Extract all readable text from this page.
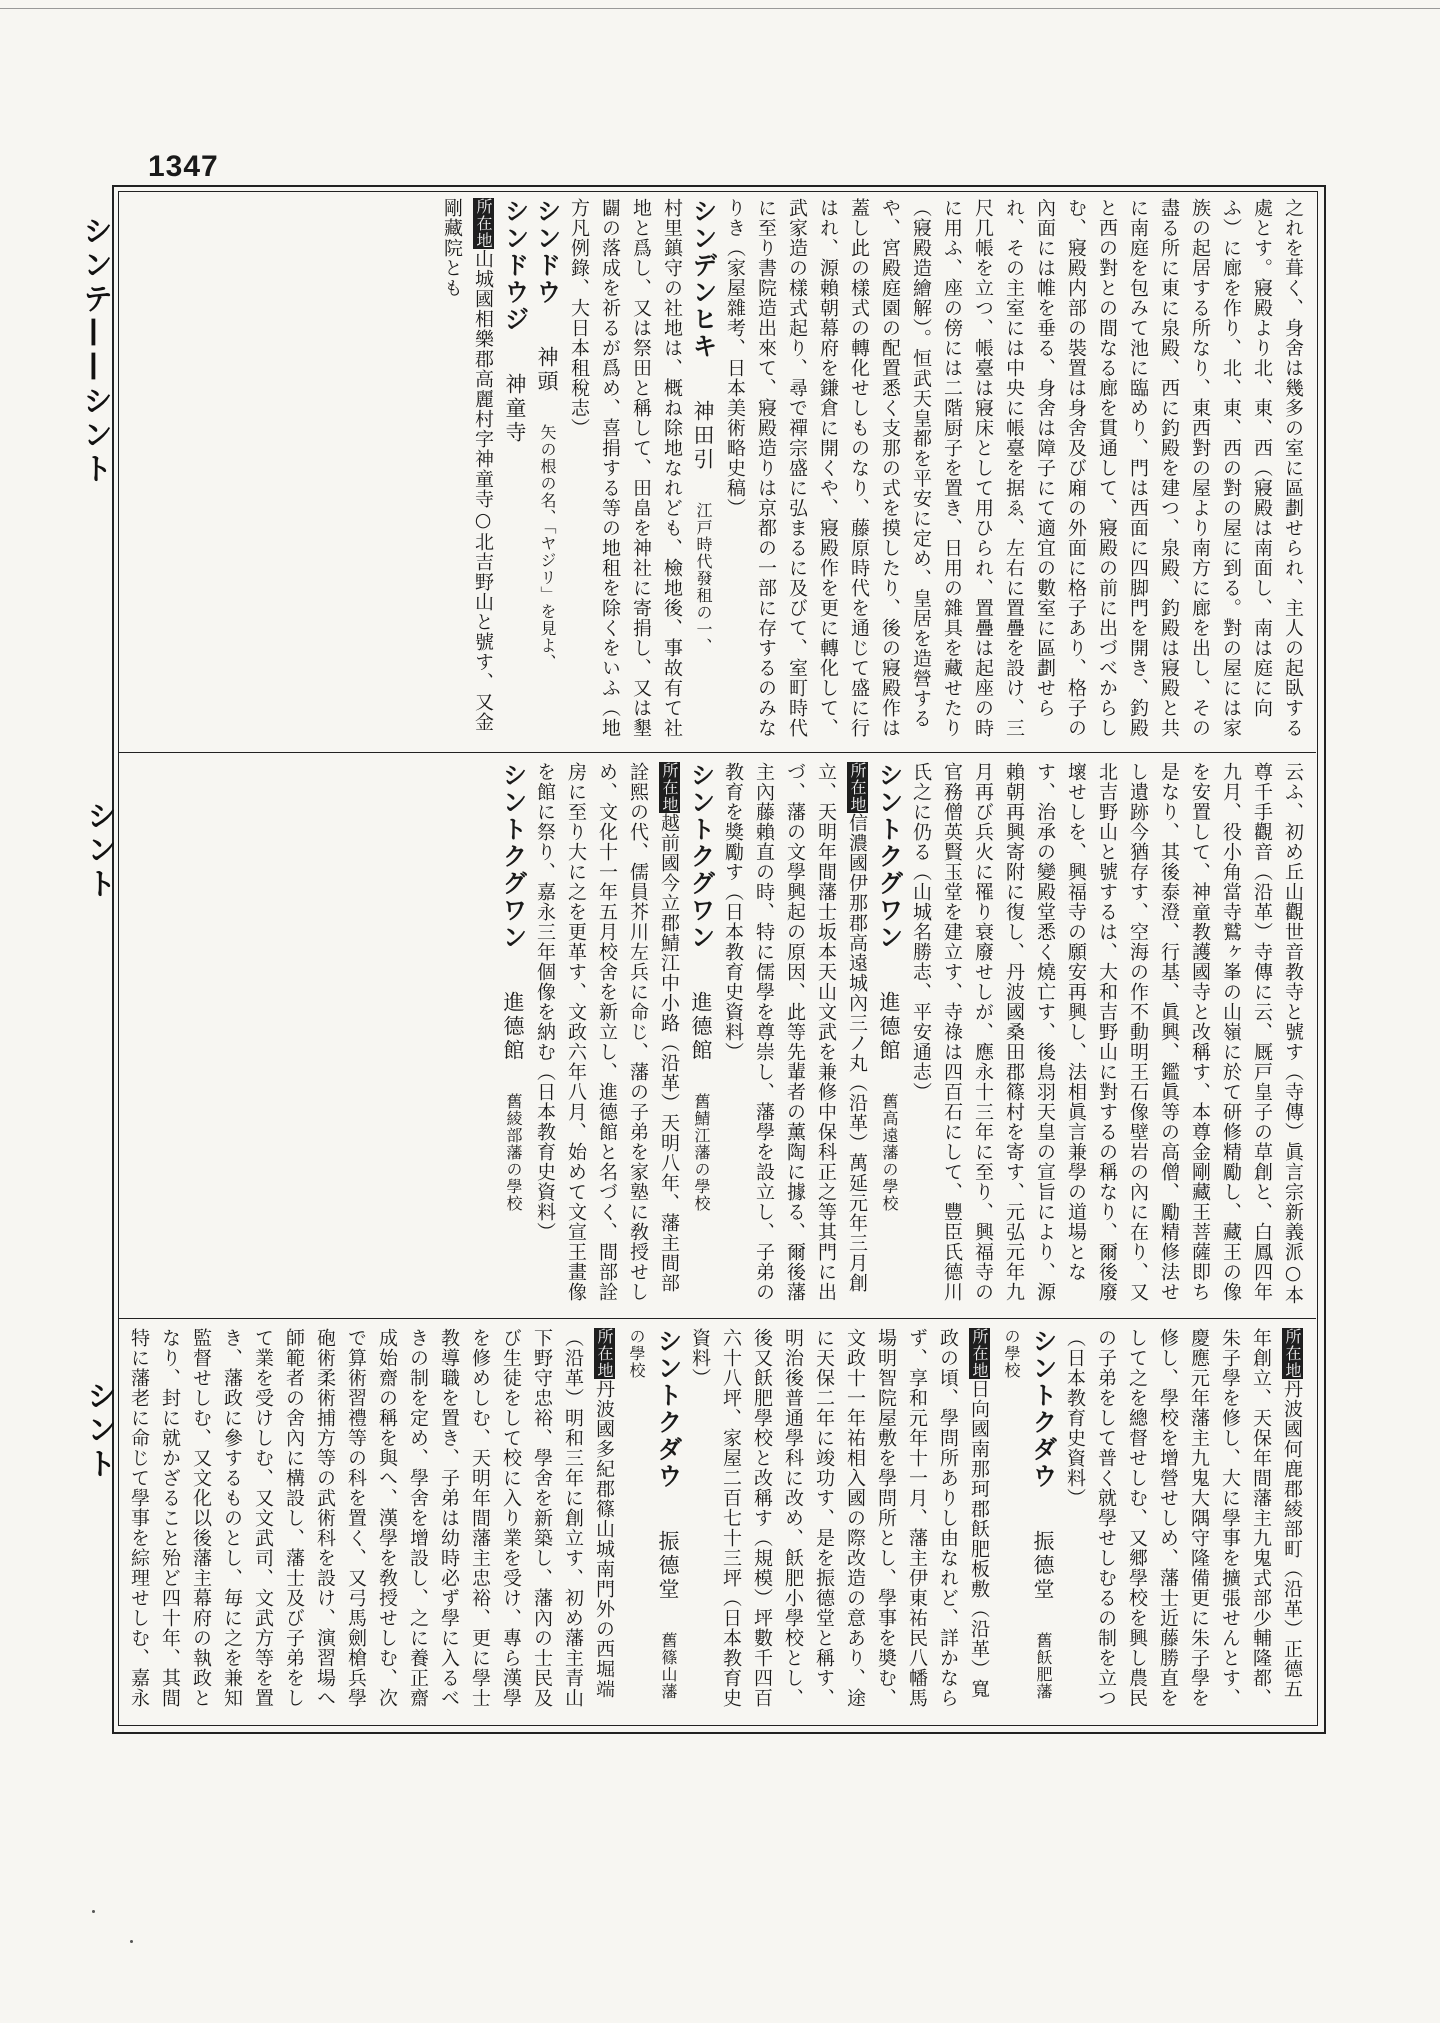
1347
シンテ——シント
シント
シント
之れを葺く、身舍は幾多の室に區劃せられ、主人の起臥する處とす。寢殿より北、東、西（寢殿は南面し、南は庭に向ふ）に廊を作り、北、東、西の對の屋に到る。對の屋には家族の起居する所なり、東西對の屋より南方に廊を出し、その盡る所に東に泉殿、西に釣殿を建つ、泉殿、釣殿は寢殿と共に南庭を包みて池に臨めり、門は西面に四脚門を開き、釣殿と西の對との間なる廊を貫通して、寢殿の前に出づべからしむ、寢殿内部の裝置は身舍及び廂の外面に格子あり、格子の內面には帷を垂る、身舍は障子にて適宜の數室に區劃せられ、その主室には中央に帳臺を据ゑ、左右に置疊を設け、三尺几帳を立つ、帳臺は寢床として用ひられ、置疊は起座の時に用ふ、座の傍には二階厨子を置き、日用の雜具を藏せたり（寢殿造繪解）。恒武天皇都を平安に定め、皇居を造營するや、宮殿庭園の配置悉く支那の式を摸したり、後の寢殿作は蓋し此の樣式の轉化せしものなり、藤原時代を通じて盛に行はれ、源賴朝幕府を鎌倉に開くや、寢殿作を更に轉化して、武家造の樣式起り、尋で禪宗盛に弘まるに及びて、室町時代に至り書院造出來て、寢殿造りは京都の一部に存するのみなりき（家屋雜考、日本美術略史稿）
シンデンヒキ神田引江戸時代發租の一、
村里鎮守の社地は、概ね除地なれども、檢地後、事故有て社地と爲し、又は祭田と稱して、田畠を神社に寄捐し、又は墾闢の落成を祈るが爲め、喜捐する等の地租を除くをいふ（地方凡例錄、大日本租稅志）
シンドウ神頭矢の根の名、「ヤジリ」を見よ、
シンドウジ神童寺
所在地山城國相樂郡高麗村字神童寺○北吉野山と號す、又金剛藏院とも
云ふ、初め丘山觀世音教寺と號す（寺傳）眞言宗新義派○本尊千手觀音（沿革）寺傳に云、厩戸皇子の草創と、白鳳四年九月、役小角當寺鷲ヶ峯の山嶺に於て研修精勵し、藏王の像を安置して、神童教護國寺と改稱す、本尊金剛藏王菩薩即ち是なり、其後泰澄、行基、眞興、鑑眞等の高僧、勵精修法せし遺跡今猶存す、空海の作不動明王石像壁岩の內に在り、又北吉野山と號するは、大和吉野山に對するの稱なり、爾後廢壞せしを、興福寺の願安再興し、法相眞言兼學の道場となす、治承の變殿堂悉く燒亡す、後鳥羽天皇の宣旨により、源賴朝再興寄附に復し、丹波國桑田郡篠村を寄す、元弘元年九月再び兵火に罹り衰廢せしが、應永十三年に至り、興福寺の官務僧英賢玉堂を建立す、寺祿は四百石にして、豐臣氏德川氏之に仍る（山城名勝志、平安通志）
シントクグワン進德館舊高遠藩の學校
所在地信濃國伊那郡高遠城內三ノ丸（沿革）萬延元年三月創立、天明年間藩士坂本天山文武を兼修中保科正之等其門に出づ、藩の文學興起の原因、此等先輩者の薰陶に據る、爾後藩主內藤賴直の時、特に儒學を尊崇し、藩學を設立し、子弟の教育を獎勵す（日本教育史資料）
シントクグワン進德館舊鯖江藩の學校
所在地越前國今立郡鯖江中小路（沿革）天明八年、藩主間部詮熙の代、儒員芥川左兵に命じ、藩の子弟を家塾に敎授せしめ、文化十一年五月校舍を新立し、進德館と名づく、間部詮房に至り大に之を更革す、文政六年八月、始めて文宣王畫像を館に祭り、嘉永三年個像を納む（日本教育史資料）
シントクグワン進德館舊綾部藩の學校
所在地丹波國何鹿郡綾部町（沿革）正德五年創立、天保年間藩主九鬼式部少輔隆都、朱子學を修し、大に學事を擴張せんとす、慶應元年藩主九鬼大隅守隆備更に朱子學を修し、學校を增營せしめ、藩士近藤勝直をして之を總督せしむ、又郷學校を興し農民の子弟をして普く就學せしむるの制を立つ（日本教育史資料）
シントクダウ振德堂舊飫肥藩の學校
所在地日向國南那珂郡飫肥板敷（沿革）寬政の頃、學問所ありし由なれど、詳かならず、享和元年十一月、藩主伊東祐民八幡馬場明智院屋敷を學問所とし、學事を奬む、文政十一年祐相入國の際改造の意あり、途に天保二年に竣功す、是を振德堂と稱す、明治後普通學科に改め、飫肥小學校とし、後又飫肥學校と改稱す（規模）坪數千四百六十八坪、家屋二百七十三坪（日本教育史資料）
シントクダウ振德堂舊篠山藩の學校
所在地丹波國多紀郡篠山城南門外の西堀端（沿革）明和三年に創立す、初め藩主青山下野守忠裕、學舍を新築し、藩內の士民及び生徒をして校に入り業を受け、專ら漢學を修めしむ、天明年間藩主忠裕、更に學士教導職を置き、子弟は幼時必ず學に入るべきの制を定め、學舍を增設し、之に養正齋成始齋の稱を與へ、漢學を敎授せしむ、次で算術習禮等の科を置く、又弓馬劍槍兵學砲術柔術捕方等の武術科を設け、演習場へ師範者の舍內に構設し、藩士及び子弟をして業を受けしむ、又文武司、文武方等を置き、藩政に參するものとし、毎に之を兼知監督せしむ、又文化以後藩主幕府の執政となり、封に就かざること殆ど四十年、其間特に藩老に命じて學事を綜理せしむ、嘉永
